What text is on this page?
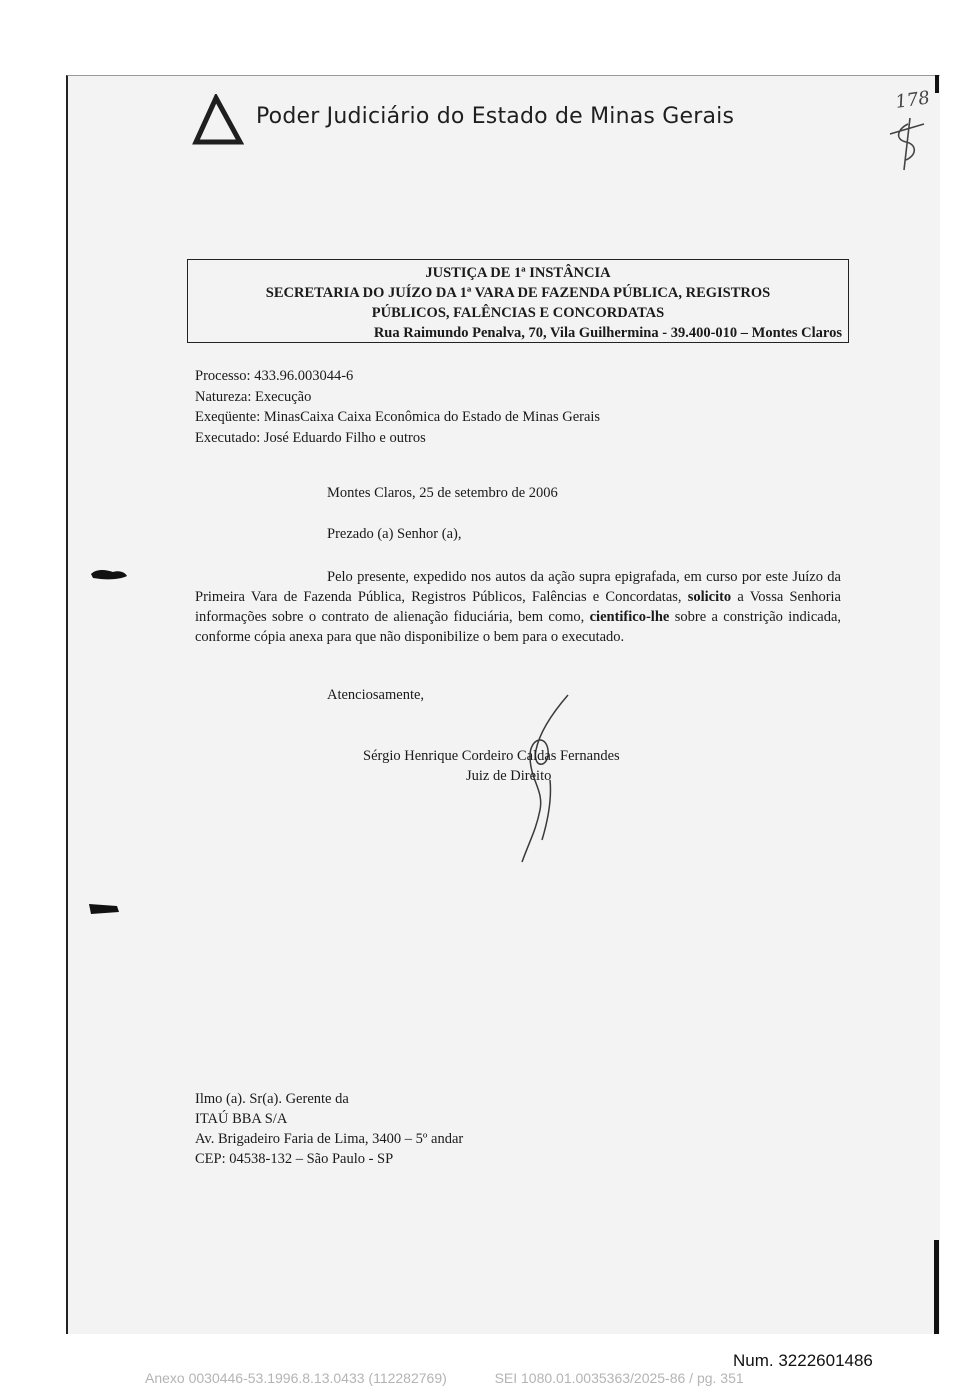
Poder Judiciário do Estado de Minas Gerais
178
JUSTIÇA DE 1ª INSTÂNCIA
SECRETARIA DO JUÍZO DA 1ª VARA DE FAZENDA PÚBLICA, REGISTROS
PÚBLICOS, FALÊNCIAS E CONCORDATAS
Rua Raimundo Penalva, 70, Vila Guilhermina - 39.400-010 – Montes Claros
Processo: 433.96.003044-6
Natureza: Execução
Exeqüente: MinasCaixa Caixa Econômica do Estado de Minas Gerais
Executado: José Eduardo Filho e outros
Montes Claros, 25 de setembro de 2006
Prezado (a) Senhor (a),
Pelo presente, expedido nos autos da ação supra epigrafada, em curso por este Juízo da Primeira Vara de Fazenda Pública, Registros Públicos, Falências e Concordatas, solicito a Vossa Senhoria informações sobre o contrato de alienação fiduciária, bem como, cientifico-lhe sobre a constrição indicada, conforme cópia anexa para que não disponibilize o bem para o executado.
Atenciosamente,
Sérgio Henrique Cordeiro Caldas Fernandes
Juiz de Direito
Ilmo (a). Sr(a). Gerente da
ITAÚ BBA S/A
Av. Brigadeiro Faria de Lima, 3400 – 5º andar
CEP: 04538-132 – São Paulo - SP
Num. 3222601486
Anexo 0030446-53.1996.8.13.0433 (112282769)	SEI 1080.01.0035363/2025-86 / pg. 351
